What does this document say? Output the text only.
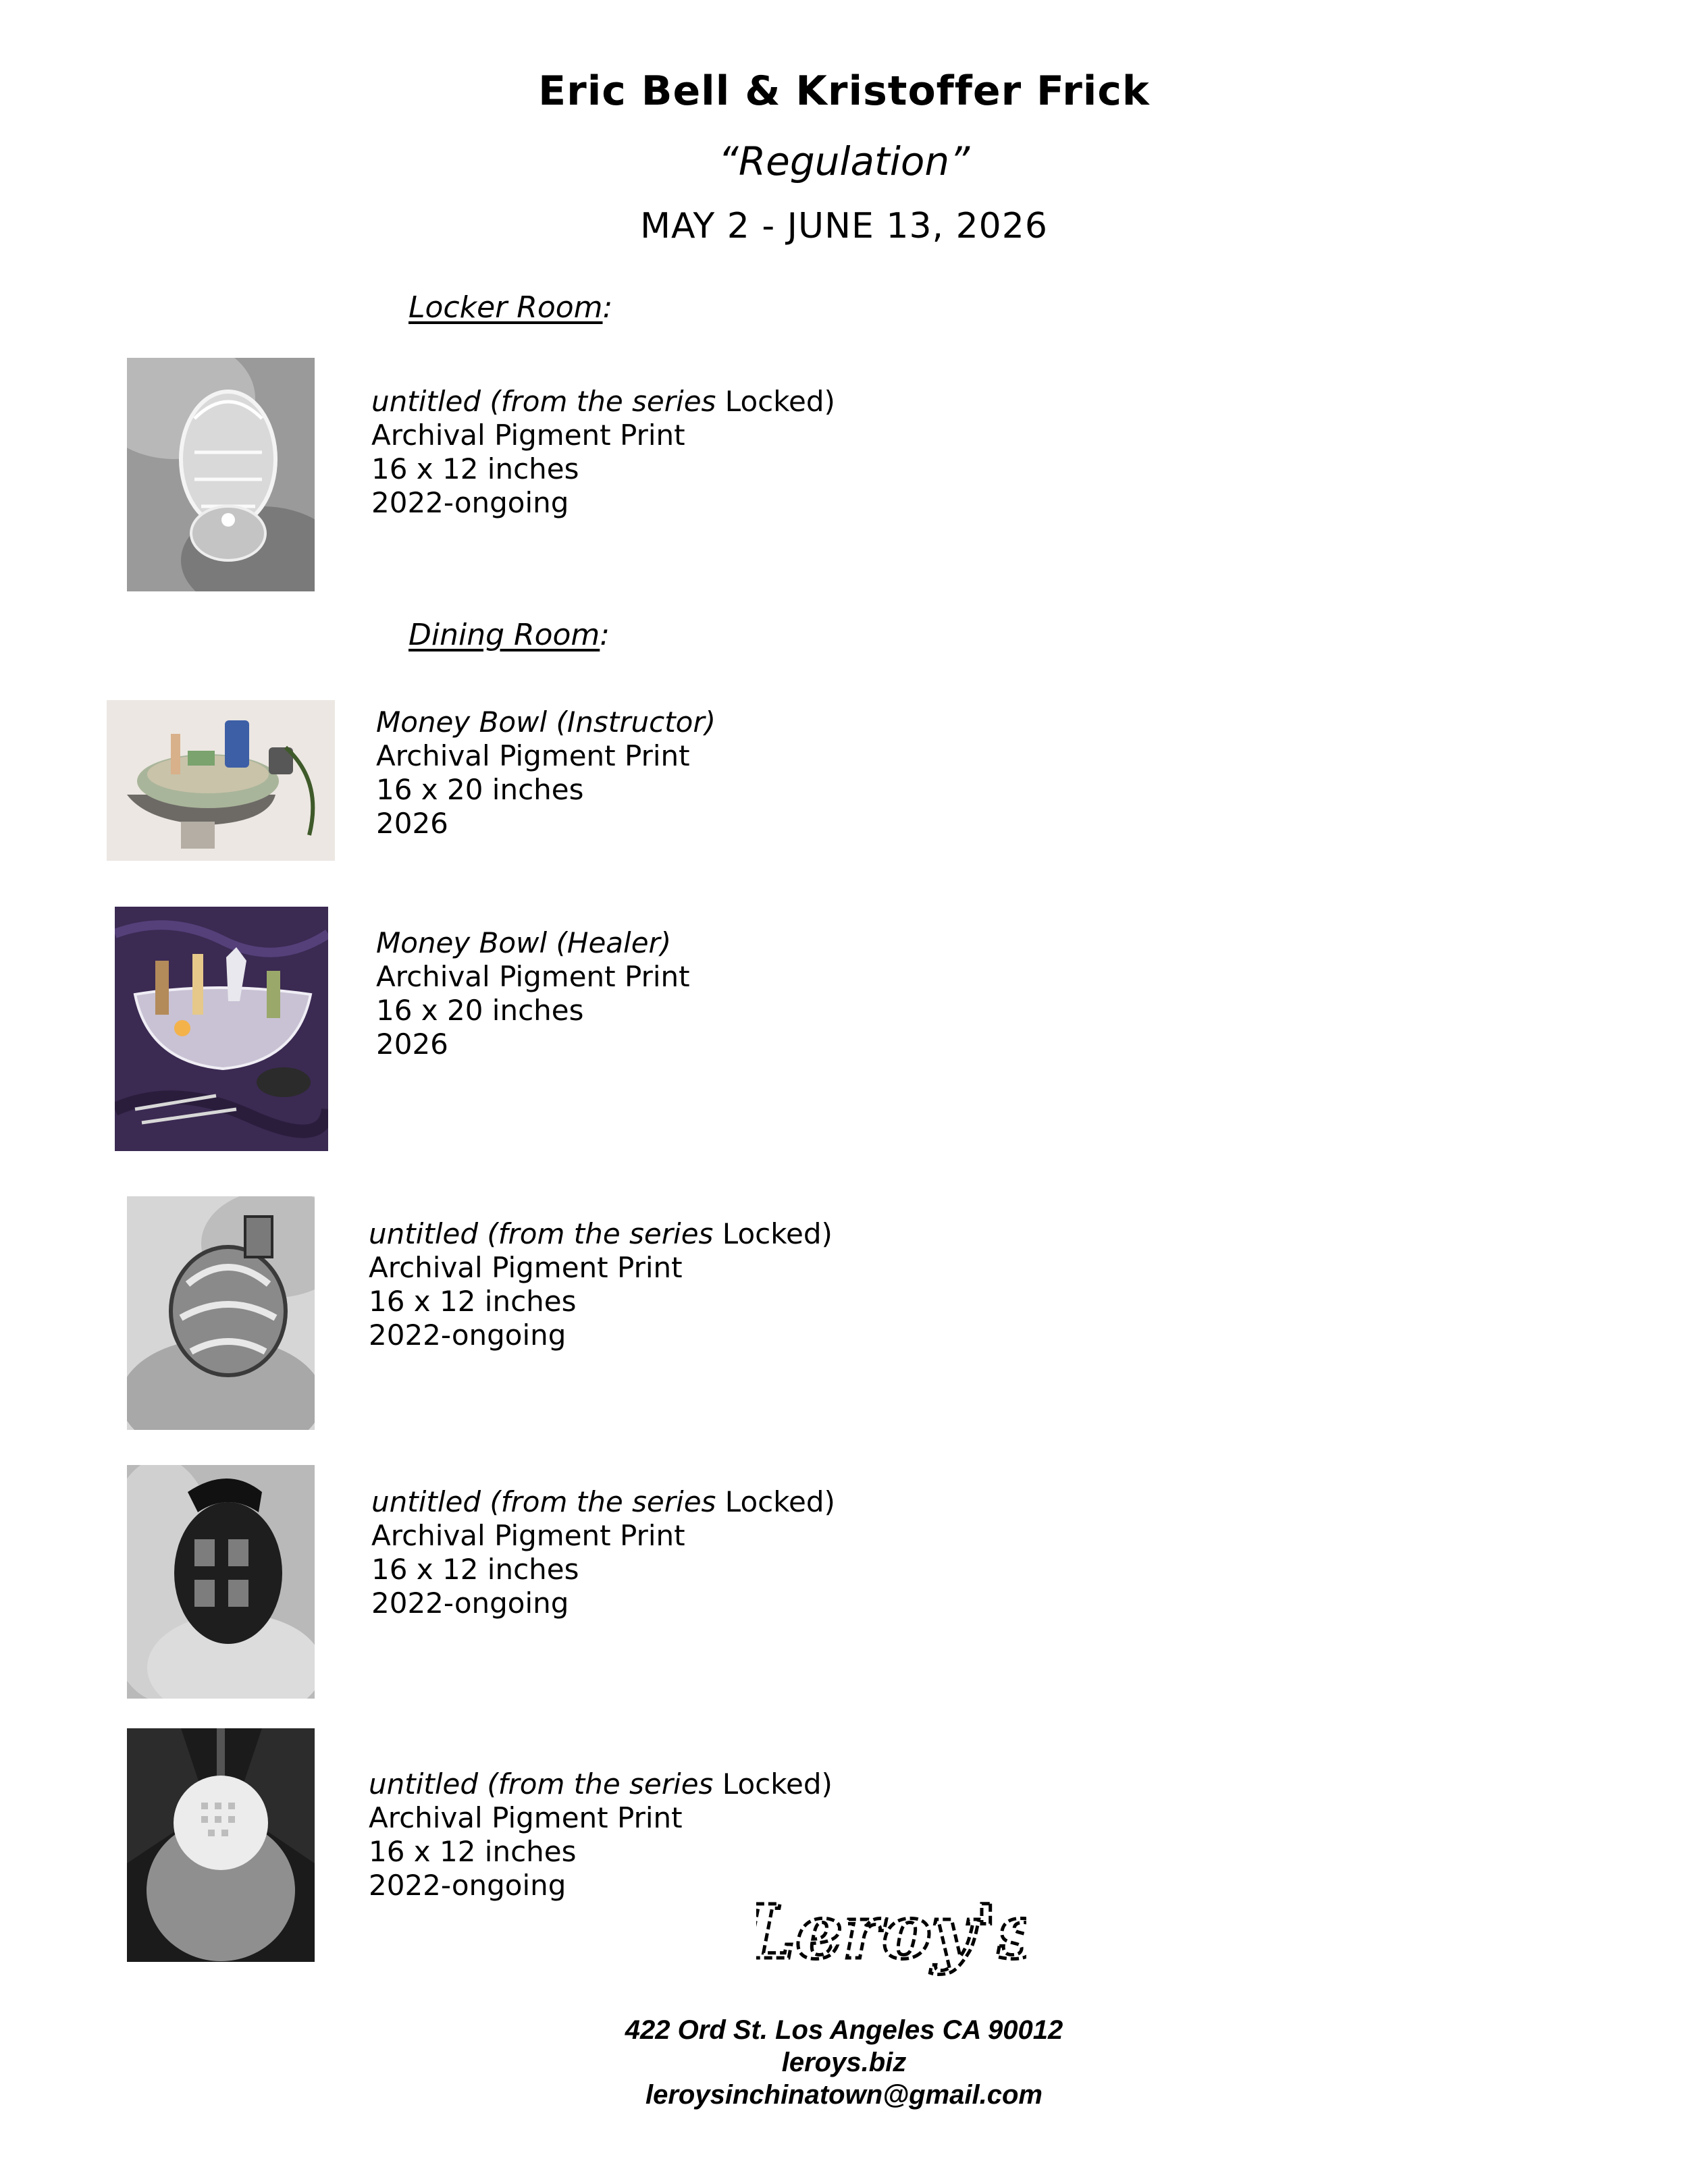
Eric Bell & Kristoffer Frick
“Regulation”
MAY 2 - JUNE 13, 2026
Locker Room:
untitled (from the series Locked)
Archival Pigment Print
16 x 12 inches
2022-ongoing
Dining Room:
Money Bowl (Instructor)
Archival Pigment Print
16 x 20 inches
2026
Money Bowl (Healer)
Archival Pigment Print
16 x 20 inches
2026
untitled (from the series Locked)
Archival Pigment Print
16 x 12 inches
2022-ongoing
untitled (from the series Locked)
Archival Pigment Print
16 x 12 inches
2022-ongoing
untitled (from the series Locked)
Archival Pigment Print
16 x 12 inches
2022-ongoing
Leroy's
422 Ord St. Los Angeles CA 90012
leroys.biz
leroysinchinatown@gmail.com
